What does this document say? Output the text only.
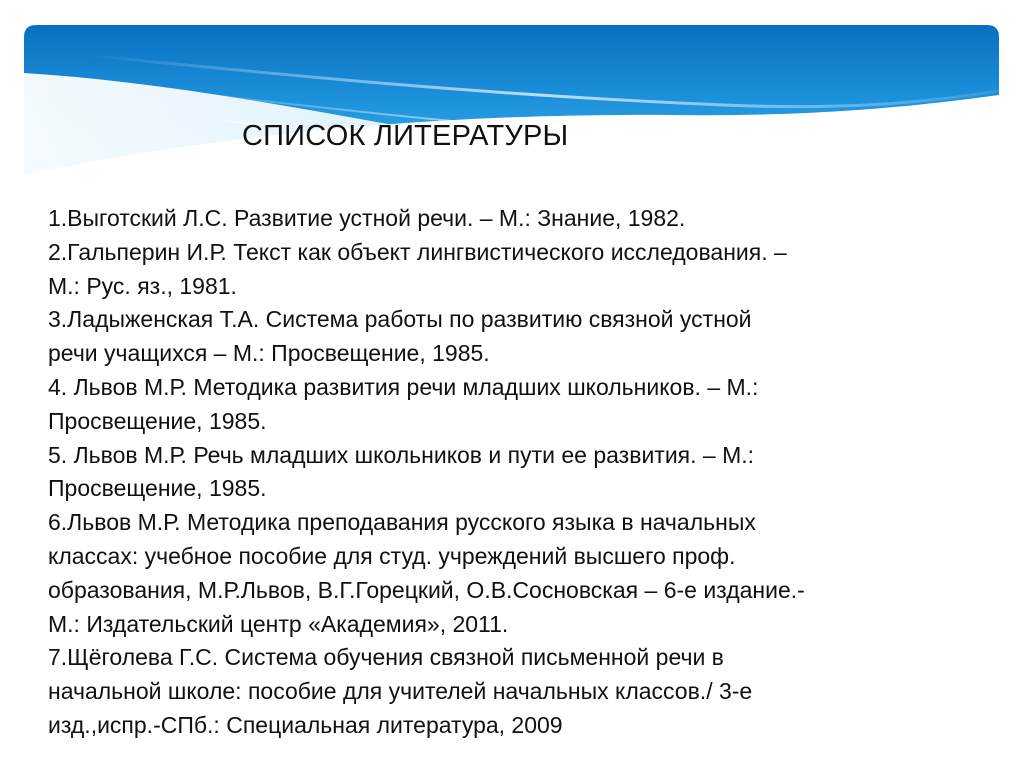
СПИСОК ЛИТЕРАТУРЫ
1.Выготский Л.С. Развитие устной речи. – М.: Знание, 1982.
2.Гальперин И.Р. Текст как объект лингвистического исследования. –
М.: Рус. яз., 1981.
3.Ладыженская Т.А. Система работы по развитию связной устной
речи учащихся – М.: Просвещение, 1985.
4. Львов М.Р. Методика развития речи младших школьников. – М.:
Просвещение, 1985.
5. Львов М.Р. Речь младших школьников и пути ее развития. – М.:
Просвещение, 1985.
6.Львов М.Р. Методика преподавания русского языка в начальных
классах: учебное пособие для студ. учреждений высшего проф.
образования, М.Р.Львов, В.Г.Горецкий, О.В.Сосновская – 6-е издание.-
М.: Издательский центр «Академия», 2011.
7.Щёголева Г.С. Система обучения связной письменной речи в
начальной школе: пособие для учителей начальных классов./ 3-е
изд.,испр.-СПб.: Специальная литература, 2009
